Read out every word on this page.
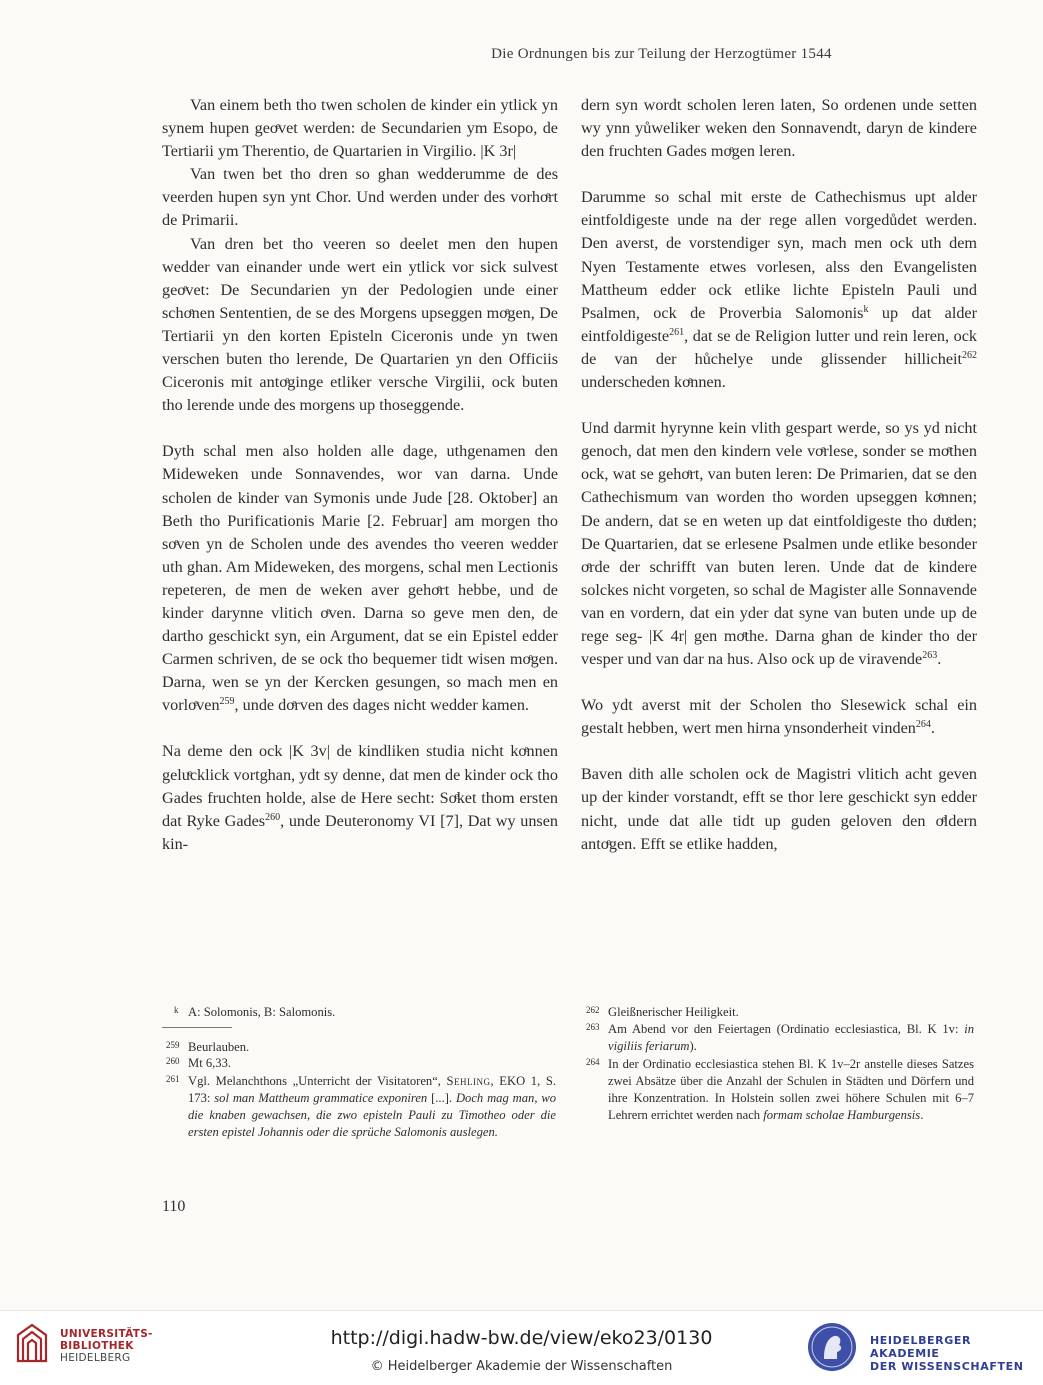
Die Ordnungen bis zur Teilung der Herzogtümer 1544

Van einem beth tho twen scholen de kinder ein ytlick yn synem hupen geoͤvet werden: de Secundarien ym Esopo, de Tertiarii ym Therentio, de Quartarien in Virgilio. |K 3r|

Van twen bet tho dren so ghan wedderumme de des veerden hupen syn ynt Chor. Und werden under des vorhoͤrt de Primarii.

Van dren bet tho veeren so deelet men den hupen wedder van einander unde wert ein ytlick vor sick sulvest geoͤvet: De Secundarien yn der Pedologien unde einer schoͤnen Sententien, de se des Morgens upseggen moͤgen, De Tertiarii yn den korten Episteln Ciceronis unde yn twen verschen buten tho lerende, De Quartarien yn den Officiis Ciceronis mit antoͤginge etliker versche Virgilii, ock buten tho lerende unde des morgens up thoseggende.

Dyth schal men also holden alle dage, uthgenamen den Mideweken unde Sonnavendes, wor van darna. Unde scholen de kinder van Symonis unde Jude [28. Oktober] an Beth tho Purificationis Marie [2. Februar] am morgen tho soͤven yn de Scholen unde des avendes tho veeren wedder uth ghan. Am Mideweken, des morgens, schal men Lectionis repeteren, de men de weken aver gehoͤrt hebbe, und de kinder darynne vlitich oͤven. Darna so geve men den, de dartho geschickt syn, ein Argument, dat se ein Epistel edder Carmen schriven, de se ock tho bequemer tidt wisen moͤgen. Darna, wen se yn der Kercken gesungen, so mach men en vorloͤven$^{259}$, unde doͤrven des dages nicht wedder kamen.

Na deme den ock |K 3v| de kindliken studia nicht koͤnnen geluͤcklick vortghan, ydt sy denne, dat men de kinder ock tho Gades fruchten holde, alse de Here secht: Soͤket thom ersten dat Ryke Gades$^{260}$, unde Deuteronomy VI [7], Dat wy unsen kin-

dern syn wordt scholen leren laten, So ordenen unde setten wy ynn yůweliker weken den Sonnavendt, daryn de kindere den fruchten Gades moͤgen leren.

Darumme so schal mit erste de Cathechismus upt alder eintfoldigeste unde na der rege allen vorgedůdet werden. Den averst, de vorstendiger syn, mach men ock uth dem Nyen Testamente etwes vorlesen, alss den Evangelisten Mattheum edder ock etlike lichte Episteln Pauli und Psalmen, ock de Proverbia Salomonis$^k$ up dat alder eintfoldigeste$^{261}$, dat se de Religion lutter und rein leren, ock de van der hůchelye unde glissender hillicheit$^{262}$ underscheden koͤnnen.

Und darmit hyrynne kein vlith gespart werde, so ys yd nicht genoch, dat men den kindern vele voͤrlese, sonder se moͤthen ock, wat se gehoͤrt, van buten leren: De Primarien, dat se den Cathechismum van worden tho worden upseggen koͤnnen; De andern, dat se en weten up dat eintfoldigeste tho duͤden; De Quartarien, dat se erlesene Psalmen unde etlike besonder oͤrde der schrifft van buten leren. Unde dat de kindere solckes nicht vorgeten, so schal de Magister alle Sonnavende van en vordern, dat ein yder dat syne van buten unde up de rege seg- |K 4r| gen moͤthe. Darna ghan de kinder tho der vesper und van dar na hus. Also ock up de viravende$^{263}$.

Wo ydt averst mit der Scholen tho Slesewick schal ein gestalt hebben, wert men hirna ynsonderheit vinden$^{264}$.

Baven dith alle scholen ock de Magistri vlitich acht geven up der kinder vorstandt, efft se thor lere geschickt syn edder nicht, unde dat alle tidt up guden geloven den oͤldern antoͤgen. Efft se etlike hadden,

k A: Solomonis, B: Salomonis.
259 Beurlauben.
260 Mt 6,33.
261 Vgl. Melanchthons „Unterricht der Visitatoren“, Sehling, EKO 1, S. 173: sol man Mattheum grammatice exponiren [...]. Doch mag man, wo die knaben gewachsen, die zwo episteln Pauli zu Timotheo oder die ersten epistel Johannis oder die sprüche Salomonis auslegen.
262 Gleißnerischer Heiligkeit.
263 Am Abend vor den Feiertagen (Ordinatio ecclesiastica, Bl. K 1v: in vigiliis feriarum).
264 In der Ordinatio ecclesiastica stehen Bl. K 1v–2r anstelle dieses Satzes zwei Absätze über die Anzahl der Schulen in Städten und Dörfern und ihre Konzentration. In Holstein sollen zwei höhere Schulen mit 6–7 Lehrern errichtet werden nach formam scholae Hamburgensis.
110
UNIVERSITÄTS-
BIBLIOTHEK
HEIDELBERG
http://digi.hadw-bw.de/view/eko23/0130
© Heidelberger Akademie der Wissenschaften
HEIDELBERGER AKADEMIE
DER WISSENSCHAFTEN
